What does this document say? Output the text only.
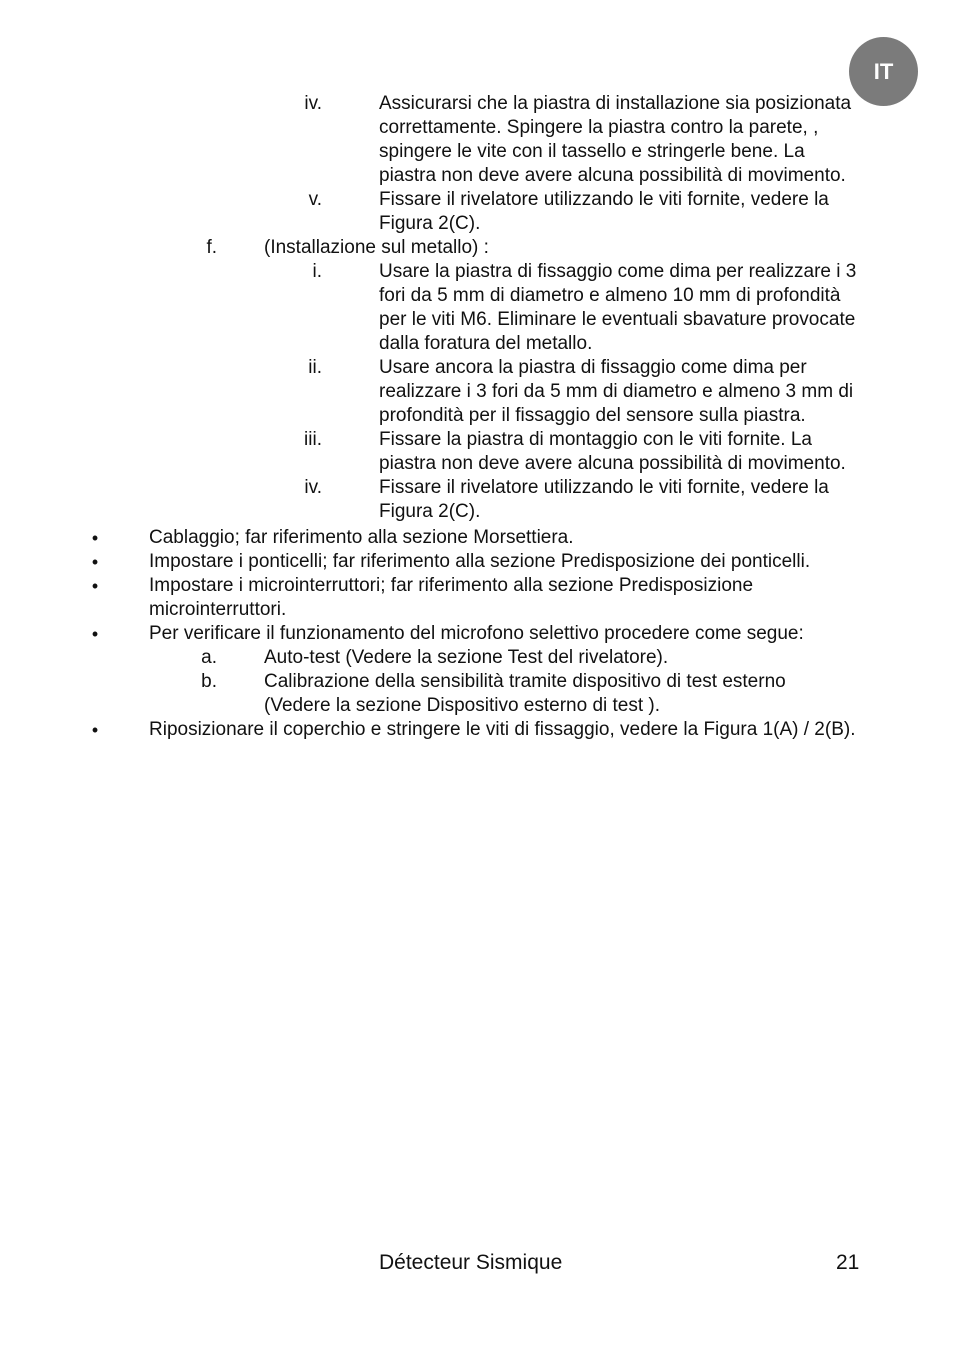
IT
iv.	Assicurarsi che la piastra di installazione sia posizionata correttamente. Spingere la piastra contro la parete, , spingere le vite con il tassello e stringerle bene. La piastra non deve avere alcuna possibilità di movimento.
v.	Fissare il rivelatore utilizzando le viti fornite, vedere la Figura 2(C).
f. (Installazione sul metallo) :
i.	Usare la piastra di fissaggio come dima per realizzare i 3 fori da 5 mm di diametro e almeno 10 mm di profondità per le viti M6. Eliminare le eventuali sbavature provocate dalla foratura del metallo.
ii.	Usare ancora la piastra di fissaggio come dima per realizzare i 3 fori da 5 mm di diametro e almeno 3 mm di profondità per il fissaggio del sensore sulla piastra.
iii.	Fissare la piastra di montaggio con le viti fornite. La piastra non deve avere alcuna possibilità di movimento.
iv.	Fissare il rivelatore utilizzando le viti fornite, vedere la Figura 2(C).
•	Cablaggio; far riferimento alla sezione Morsettiera.
•	Impostare i ponticelli; far riferimento alla sezione Predisposizione dei ponticelli.
•	Impostare i microinterruttori; far riferimento alla sezione Predisposizione microinterruttori.
•	Per verificare il funzionamento del microfono selettivo procedere come segue:
a. Auto-test (Vedere la sezione Test del rivelatore).
b. Calibrazione della sensibilità tramite dispositivo di test esterno (Vedere la sezione Dispositivo esterno di test ).
•	Riposizionare il coperchio e stringere le viti di fissaggio, vedere la Figura 1(A) / 2(B).
Détecteur Sismique	21
